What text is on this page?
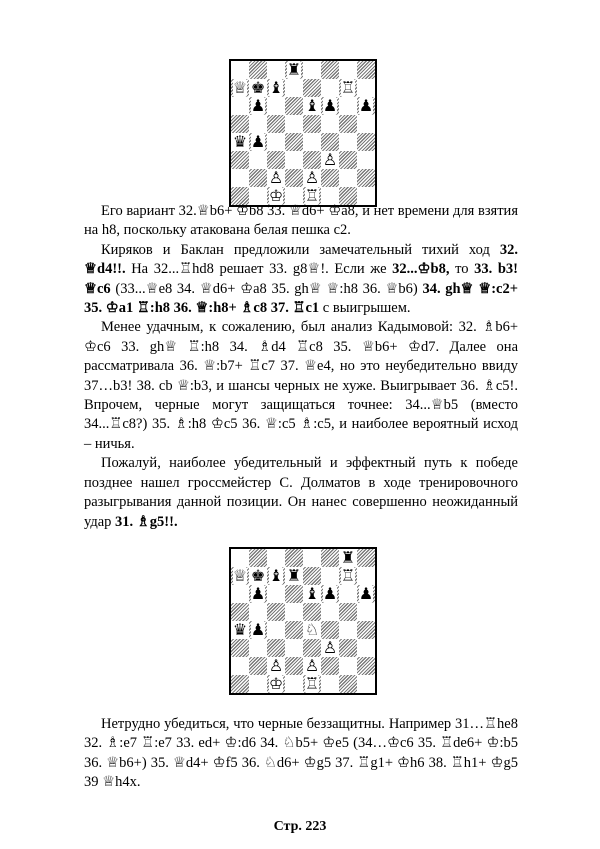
♜
♕ ♚ ♝	♖
♟ ♝ ♟ ♟
♛ ♟
♙
♙ ♙
♔ ♖

Его вариант 32.♕b6+ ♔b8 33. ♕d6+ ♔a8, и нет времени для взятия на h8, поскольку атакована белая пешка с2.

Киряков и Баклан предложили замечательный тихий ход 32. ♕d4!!. На 32...♖hd8 решает 33. g8♕!. Если же 32...♔b8, то 33. b3! ♕c6 (33...♕e8 34. ♕d6+ ♔a8 35. gh♕ ♕:h8 36. ♕b6) 34. gh♕ ♕:c2+ 35. ♔a1 ♖:h8 36. ♕:h8+ ♗c8 37. ♖c1 с выигрышем.

Менее удачным, к сожалению, был анализ Кадымовой: 32. ♗b6+ ♔c6 33. gh♕ ♖:h8 34. ♗d4 ♖c8 35. ♕b6+ ♔d7. Далее она рассматривала 36. ♕:b7+ ♖c7 37. ♕e4, но это неубедительно ввиду 37…b3! 38. cb ♕:b3, и шансы черных не хуже. Выигрывает 36. ♗c5!. Впрочем, черные могут защищаться точнее: 34...♕b5 (вместо 34...♖c8?) 35. ♗:h8 ♔c5 36. ♕:c5 ♗:c5, и наиболее вероятный исход – ничья.

Пожалуй, наиболее убедительный и эффектный путь к победе позднее нашел гроссмейстер С. Долматов в ходе тренировочного разыгрывания данной позиции. Он нанес совершенно неожиданный удар 31. ♗g5!!.

♜
♕ ♚ ♝ ♜ ♖
♟ ♝ ♟ ♟
♛ ♟ ♘
♙
♙ ♙
♔ ♖

Нетрудно убедиться, что черные беззащитны. Например 31…♖he8 32. ♗:e7 ♖:e7 33. ed+ ♔:d6 34. ♘b5+ ♔e5 (34…♔c6 35. ♖de6+ ♔:b5 36. ♕b6+) 35. ♕d4+ ♔f5 36. ♘d6+ ♔g5 37. ♖g1+ ♔h6 38. ♖h1+ ♔g5 39 ♕h4x.

Стр. 223
